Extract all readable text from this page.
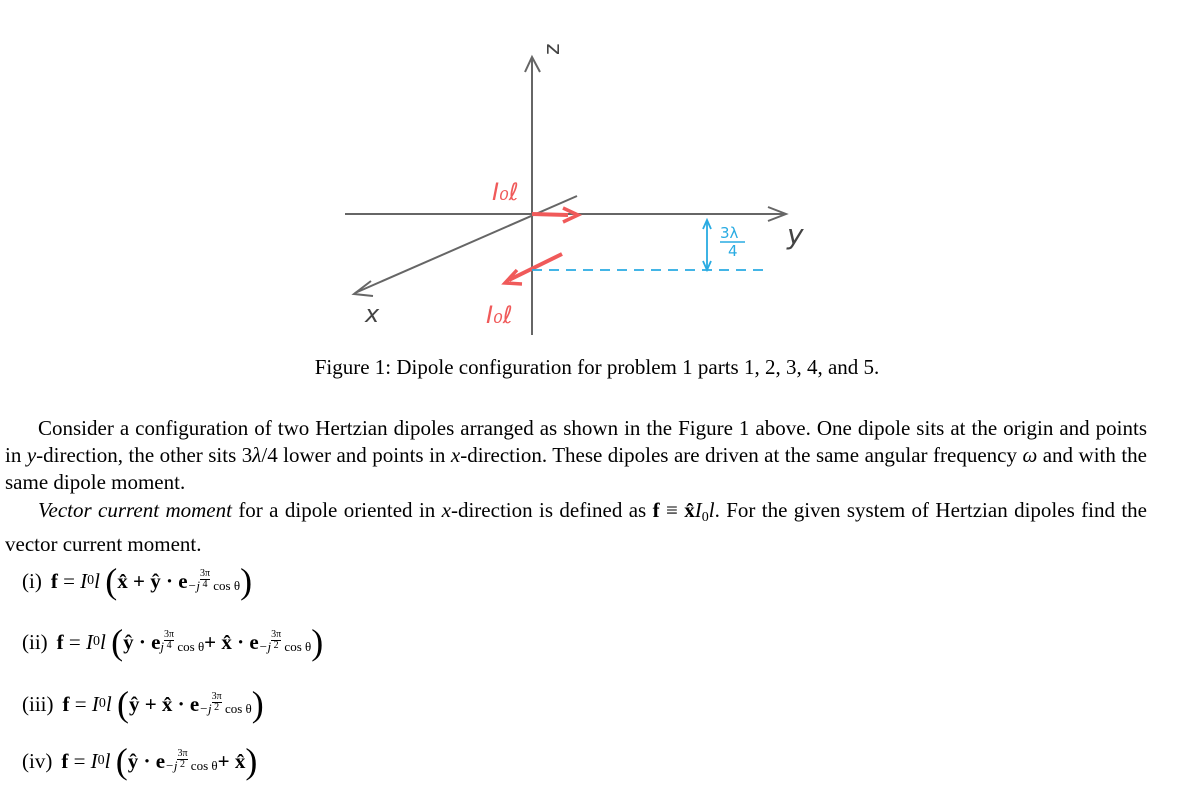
z
y
x
I₀ℓ
I₀ℓ
3λ
4
Figure 1: Dipole configuration for problem 1 parts 1, 2, 3, 4, and 5.

Consider a configuration of two Hertzian dipoles arranged as shown in the Figure 1 above. One dipole sits at the origin and points in y-direction, the other sits 3λ/4 lower and points in x-direction. These dipoles are driven at the same angular frequency ω and with the same dipole moment.

Vector current moment for a dipole oriented in x-direction is defined as $f \equiv x̂I_0l$. For the given system of Hertzian dipoles find the vector current moment.

(i) f
=
I 0 l
( x̂ + ŷ · $e -j \frac{3\pi}{4}$ cos θ )
(ii) f
=
I 0 l
( ŷ · e j $\frac{3\pi}{4}$ cos θ + x̂ · $e -j \frac{3\pi}{2}$ cos θ )
(iii) f
=
I 0 l
( ŷ + x̂ · $e -j \frac{3\pi}{2}$ cos θ )
(iv) f
=
I 0 l
( ŷ · $e -j \frac{3\pi}{2}$ cos θ + x̂ )
